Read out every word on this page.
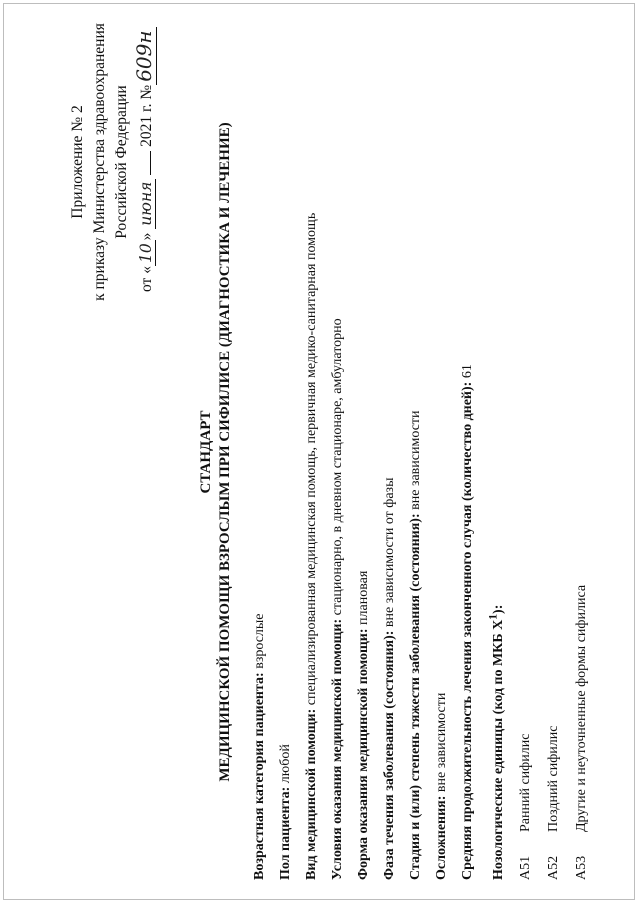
Приложение № 2 к приказу Министерства здравоохранения Российской Федерации
от «10» июня  2021 г. №609н
СТАНДАРТ МЕДИЦИНСКОЙ ПОМОЩИ ВЗРОСЛЫМ ПРИ СИФИЛИСЕ (ДИАГНОСТИКА И ЛЕЧЕНИЕ) Возрастная категория пациента: взрослые
Пол пациента: любой Вид медицинской помощи: специализированная медицинская помощь, первичная медико-санитарная помощь
Условия оказания медицинской помощи: стационарно, в дневном стационаре, амбулаторно
Форма оказания медицинской помощи: плановая
Фаза течения заболевания (состояния): вне зависимости от фазы Стадия и (или) степень тяжести заболевания (состояния): вне зависимости
Осложнения: вне зависимости Средняя продолжительность лечения законченного случая (количество дней): 61
Нозологические единицы (код по МКБ $X^1$):
A51
Ранний сифилис
A52
Поздний сифилис
A53
Другие и неуточненные формы сифилиса
